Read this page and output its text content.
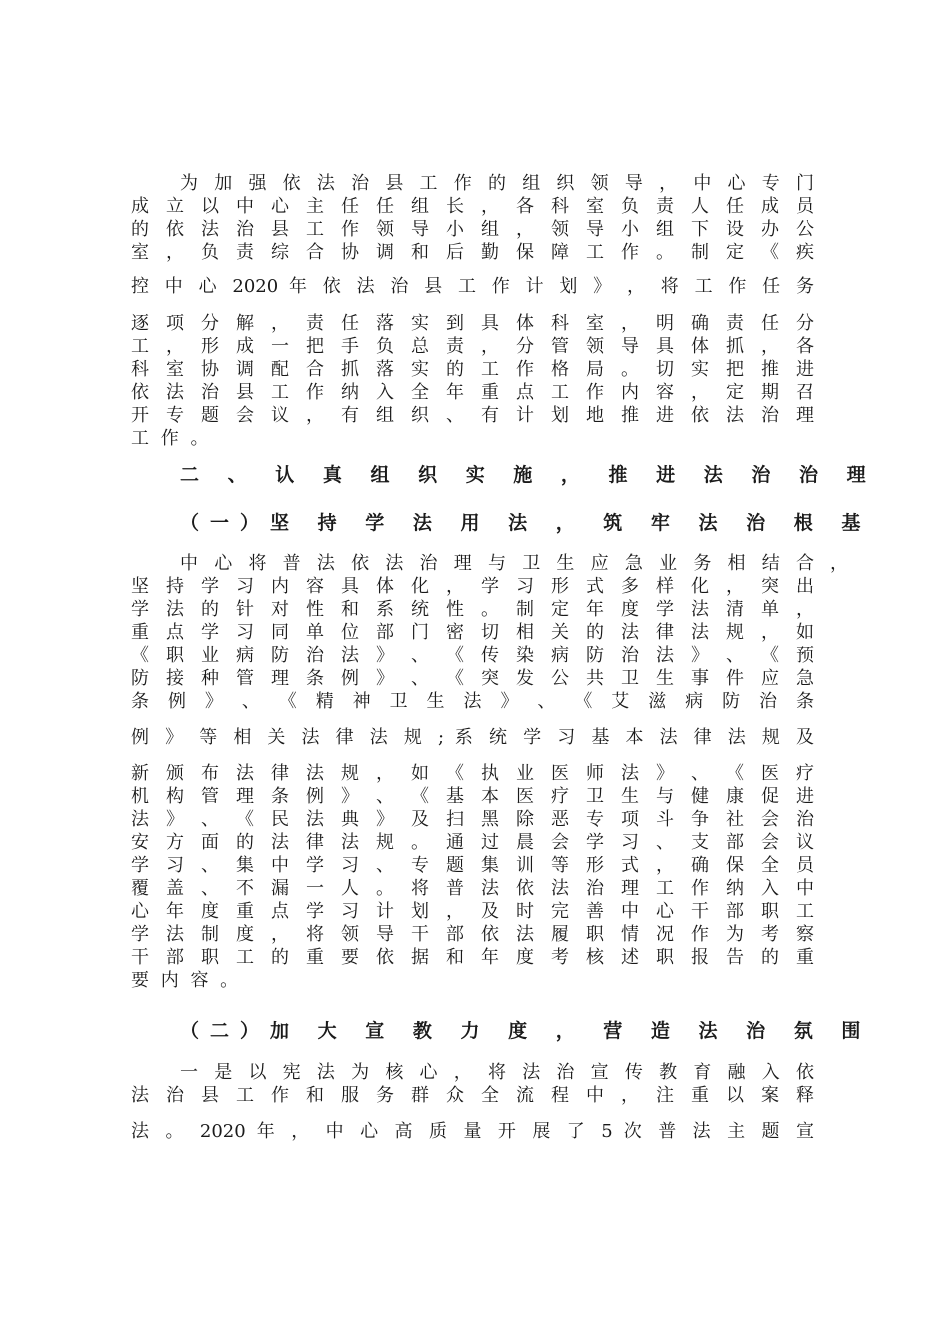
为 加 强 依 法 治 县 工 作 的 组 织 领 导 ， 中 心 专 门
成 立 以 中 心 主 任 任 组 长 ， 各 科 室 负 责 人 任 成 员
的 依 法 治 县 工 作 领 导 小 组 ， 领 导 小 组 下 设 办 公
室 ， 负 责 综 合 协 调 和 后 勤 保 障 工 作 。 制 定 《 疾
控 中 心 2020 年 依 法 治 县 工 作 计 划 》 ， 将 工 作 任 务
逐 项 分 解 ， 责 任 落 实 到 具 体 科 室 ， 明 确 责 任 分
工 ， 形 成 一 把 手 负 总 责 ， 分 管 领 导 具 体 抓 ， 各
科 室 协 调 配 合 抓 落 实 的 工 作 格 局 。 切 实 把 推 进
依 法 治 县 工 作 纳 入 全 年 重 点 工 作 内 容 ， 定 期 召
开 专 题 会 议 ， 有 组 织 、 有 计 划 地 推 进 依 法 治 理
工 作 。
二 、 认 真 组 织 实 施 ， 推 进 法 治 治 理
（一）坚 持 学 法 用 法 ， 筑 牢 法 治 根 基
中 心 将 普 法 依 法 治 理 与 卫 生 应 急 业 务 相 结 合 ，
坚 持 学 习 内 容 具 体 化 ， 学 习 形 式 多 样 化 ， 突 出
学 法 的 针 对 性 和 系 统 性 。 制 定 年 度 学 法 清 单 ，
重 点 学 习 同 单 位 部 门 密 切 相 关 的 法 律 法 规 ， 如
《 职 业 病 防 治 法 》 、 《 传 染 病 防 治 法 》 、 《 预
防 接 种 管 理 条 例 》 、 《 突 发 公 共 卫 生 事 件 应 急
条 例 》 、 《 精 神 卫 生 法 》 、 《 艾 滋 病 防 治 条
例 》 等 相 关 法 律 法 规 ; 系 统 学 习 基 本 法 律 法 规 及
新 颁 布 法 律 法 规 ， 如 《 执 业 医 师 法 》 、 《 医 疗
机 构 管 理 条 例 》 、 《 基 本 医 疗 卫 生 与 健 康 促 进
法 》 、 《 民 法 典 》 及 扫 黑 除 恶 专 项 斗 争 社 会 治
安 方 面 的 法 律 法 规 。 通 过 晨 会 学 习 、 支 部 会 议
学 习 、 集 中 学 习 、 专 题 集 训 等 形 式 ， 确 保 全 员
覆 盖 、 不 漏 一 人 。 将 普 法 依 法 治 理 工 作 纳 入 中
心 年 度 重 点 学 习 计 划 ， 及 时 完 善 中 心 干 部 职 工
学 法 制 度 ， 将 领 导 干 部 依 法 履 职 情 况 作 为 考 察
干 部 职 工 的 重 要 依 据 和 年 度 考 核 述 职 报 告 的 重
要 内 容 。
（二）加 大 宣 教 力 度 ， 营 造 法 治 氛 围
一 是 以 宪 法 为 核 心 ， 将 法 治 宣 传 教 育 融 入 依
法 治 县 工 作 和 服 务 群 众 全 流 程 中 ， 注 重 以 案 释
法 。 2020 年 ， 中 心 高 质 量 开 展 了 5 次 普 法 主 题 宣
